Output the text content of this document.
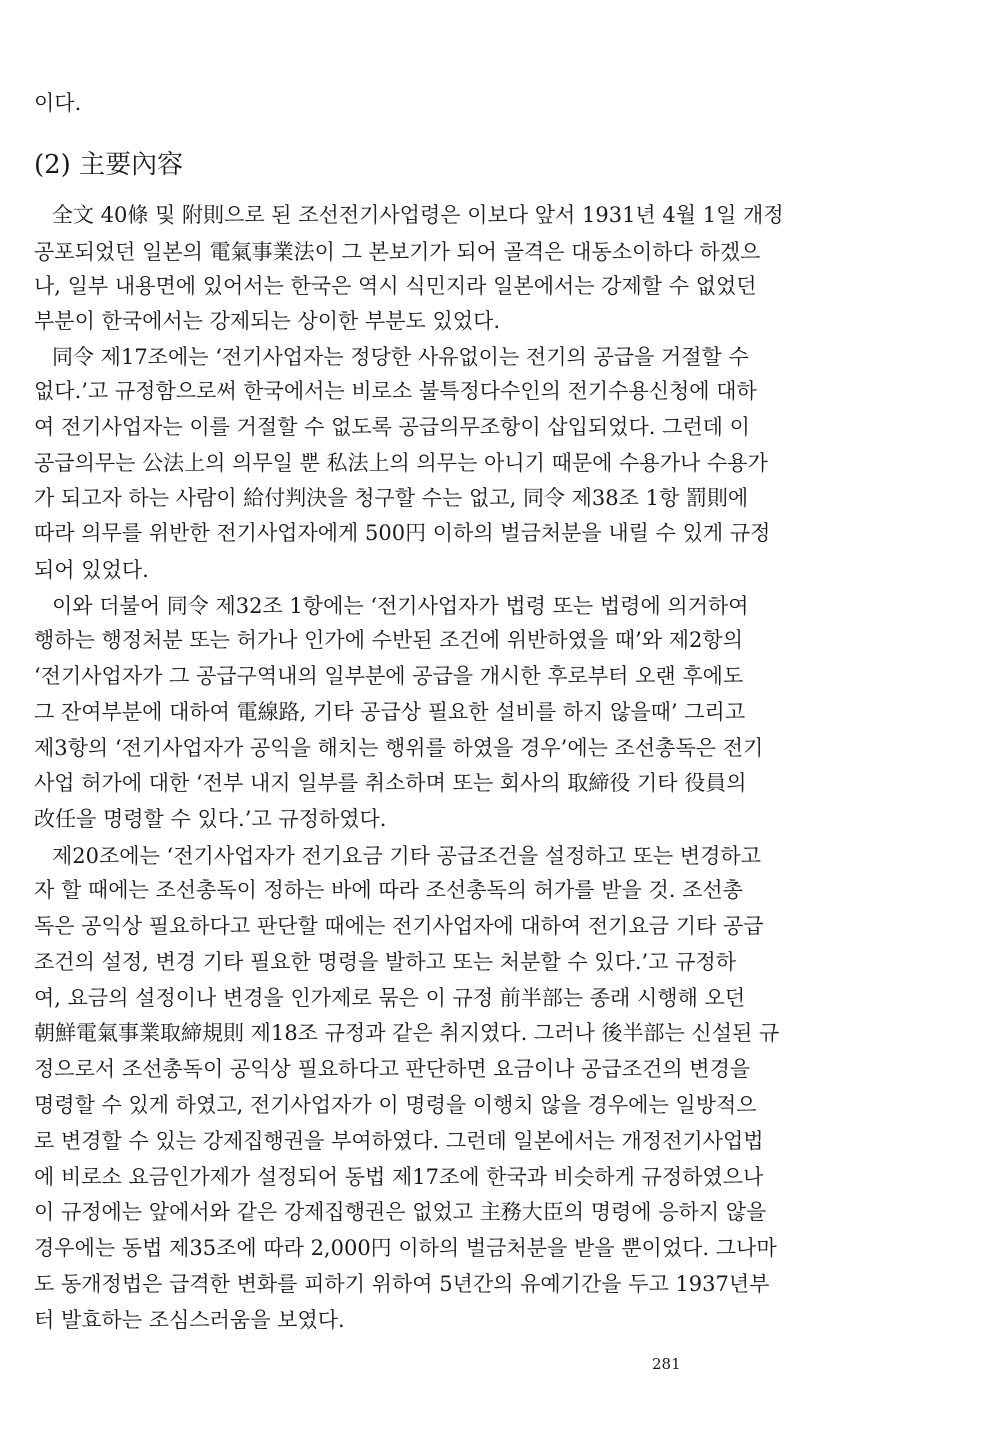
이다.
(2) 主要內容
全文 40條 및 附則으로 된 조선전기사업령은 이보다 앞서 1931년 4월 1일 개정
공포되었던 일본의 電氣事業法이 그 본보기가 되어 골격은 대동소이하다 하겠으
나, 일부 내용면에 있어서는 한국은 역시 식민지라 일본에서는 강제할 수 없었던
부분이 한국에서는 강제되는 상이한 부분도 있었다.
同令 제17조에는 ‘전기사업자는 정당한 사유없이는 전기의 공급을 거절할 수
없다.’고 규정함으로써 한국에서는 비로소 불특정다수인의 전기수용신청에 대하
여 전기사업자는 이를 거절할 수 없도록 공급의무조항이 삽입되었다. 그런데 이
공급의무는 公法上의 의무일 뿐 私法上의 의무는 아니기 때문에 수용가나 수용가
가 되고자 하는 사람이 給付判決을 청구할 수는 없고, 同令 제38조 1항 罰則에
따라 의무를 위반한 전기사업자에게 500円 이하의 벌금처분을 내릴 수 있게 규정
되어 있었다.
이와 더불어 同令 제32조 1항에는 ‘전기사업자가 법령 또는 법령에 의거하여
행하는 행정처분 또는 허가나 인가에 수반된 조건에 위반하였을 때’와 제2항의
‘전기사업자가 그 공급구역내의 일부분에 공급을 개시한 후로부터 오랜 후에도
그 잔여부분에 대하여 電線路, 기타 공급상 필요한 설비를 하지 않을때’ 그리고
제3항의 ‘전기사업자가 공익을 해치는 행위를 하였을 경우’에는 조선총독은 전기
사업 허가에 대한 ‘전부 내지 일부를 취소하며 또는 회사의 取締役 기타 役員의
改任을 명령할 수 있다.’고 규정하였다.
제20조에는 ‘전기사업자가 전기요금 기타 공급조건을 설정하고 또는 변경하고
자 할 때에는 조선총독이 정하는 바에 따라 조선총독의 허가를 받을 것. 조선총
독은 공익상 필요하다고 판단할 때에는 전기사업자에 대하여 전기요금 기타 공급
조건의 설정, 변경 기타 필요한 명령을 발하고 또는 처분할 수 있다.’고 규정하
여, 요금의 설정이나 변경을 인가제로 묶은 이 규정 前半部는 종래 시행해 오던
朝鮮電氣事業取締規則 제18조 규정과 같은 취지였다. 그러나 後半部는 신설된 규
정으로서 조선총독이 공익상 필요하다고 판단하면 요금이나 공급조건의 변경을
명령할 수 있게 하였고, 전기사업자가 이 명령을 이행치 않을 경우에는 일방적으
로 변경할 수 있는 강제집행권을 부여하였다. 그런데 일본에서는 개정전기사업법
에 비로소 요금인가제가 설정되어 동법 제17조에 한국과 비슷하게 규정하였으나
이 규정에는 앞에서와 같은 강제집행권은 없었고 主務大臣의 명령에 응하지 않을
경우에는 동법 제35조에 따라 2,000円 이하의 벌금처분을 받을 뿐이었다. 그나마
도 동개정법은 급격한 변화를 피하기 위하여 5년간의 유예기간을 두고 1937년부
터 발효하는 조심스러움을 보였다.
281
